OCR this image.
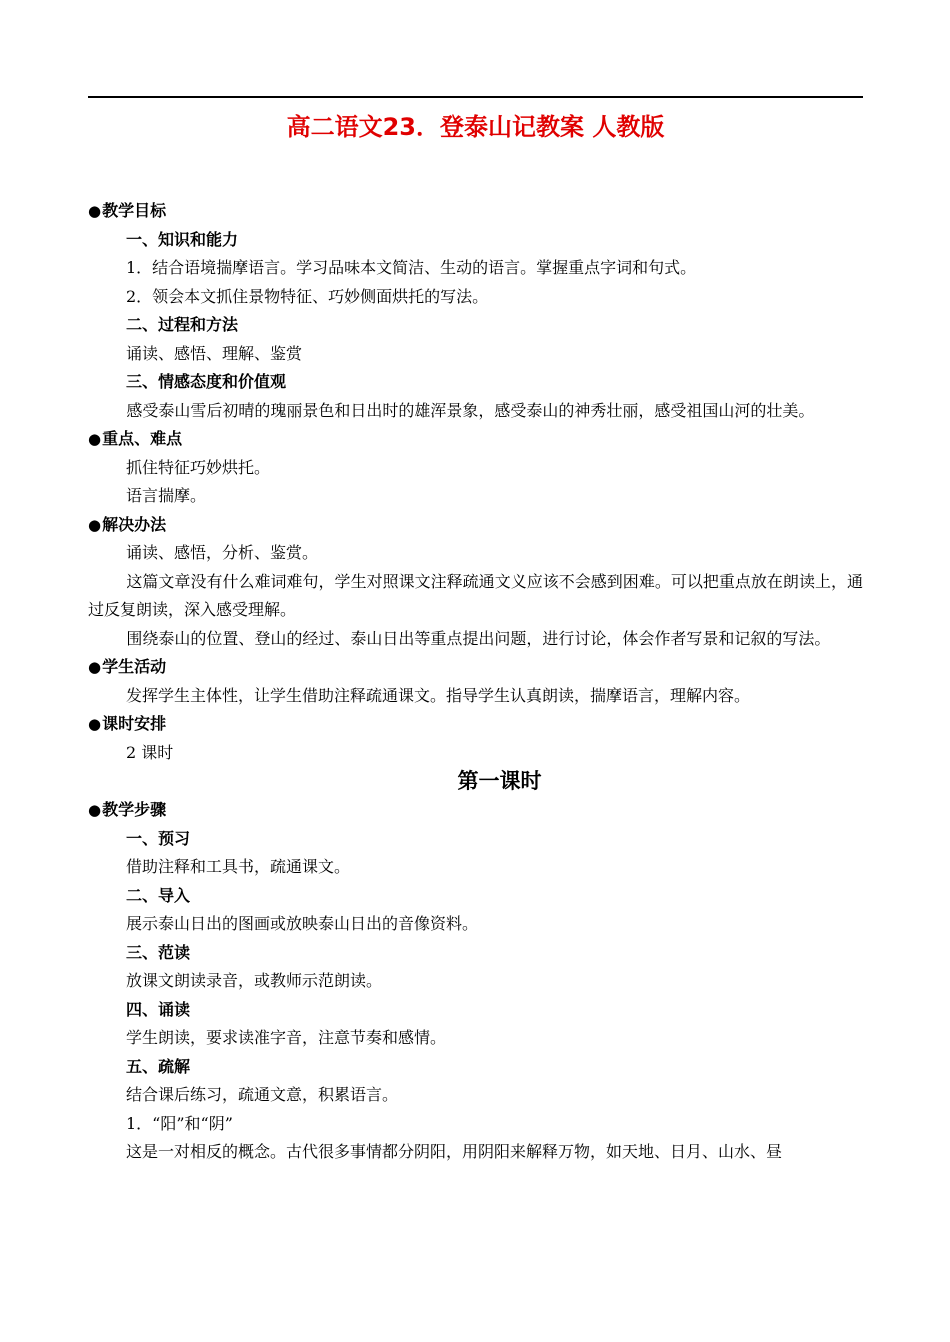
高二语文23．登泰山记教案 人教版
● 教学目标
一、知识和能力
1．结合语境揣摩语言。学习品味本文简洁、生动的语言。掌握重点字词和句式。
2．领会本文抓住景物特征、巧妙侧面烘托的写法。
二、过程和方法
诵读、感悟、理解、鉴赏
三、情感态度和价值观
感受泰山雪后初晴的瑰丽景色和日出时的雄浑景象，感受泰山的神秀壮丽，感受祖国山河的壮美。
● 重点、难点
抓住特征巧妙烘托。
语言揣摩。
● 解决办法
诵读、感悟，分析、鉴赏。
这篇文章没有什么难词难句，学生对照课文注释疏通文义应该不会感到困难。可以把重点放在朗读上，通过反复朗读，深入感受理解。
围绕泰山的位置、登山的经过、泰山日出等重点提出问题，进行讨论，体会作者写景和记叙的写法。
● 学生活动
发挥学生主体性，让学生借助注释疏通课文。指导学生认真朗读，揣摩语言，理解内容。
● 课时安排
2 课时
第一课时
● 教学步骤
一、预习
借助注释和工具书，疏通课文。
二、导入
展示泰山日出的图画或放映泰山日出的音像资料。
三、范读
放课文朗读录音，或教师示范朗读。
四、诵读
学生朗读，要求读准字音，注意节奏和感情。
五、疏解
结合课后练习，疏通文意，积累语言。
1．“阳”和“阴”
这是一对相反的概念。古代很多事情都分阴阳，用阴阳来解释万物，如天地、日月、山水、昼
